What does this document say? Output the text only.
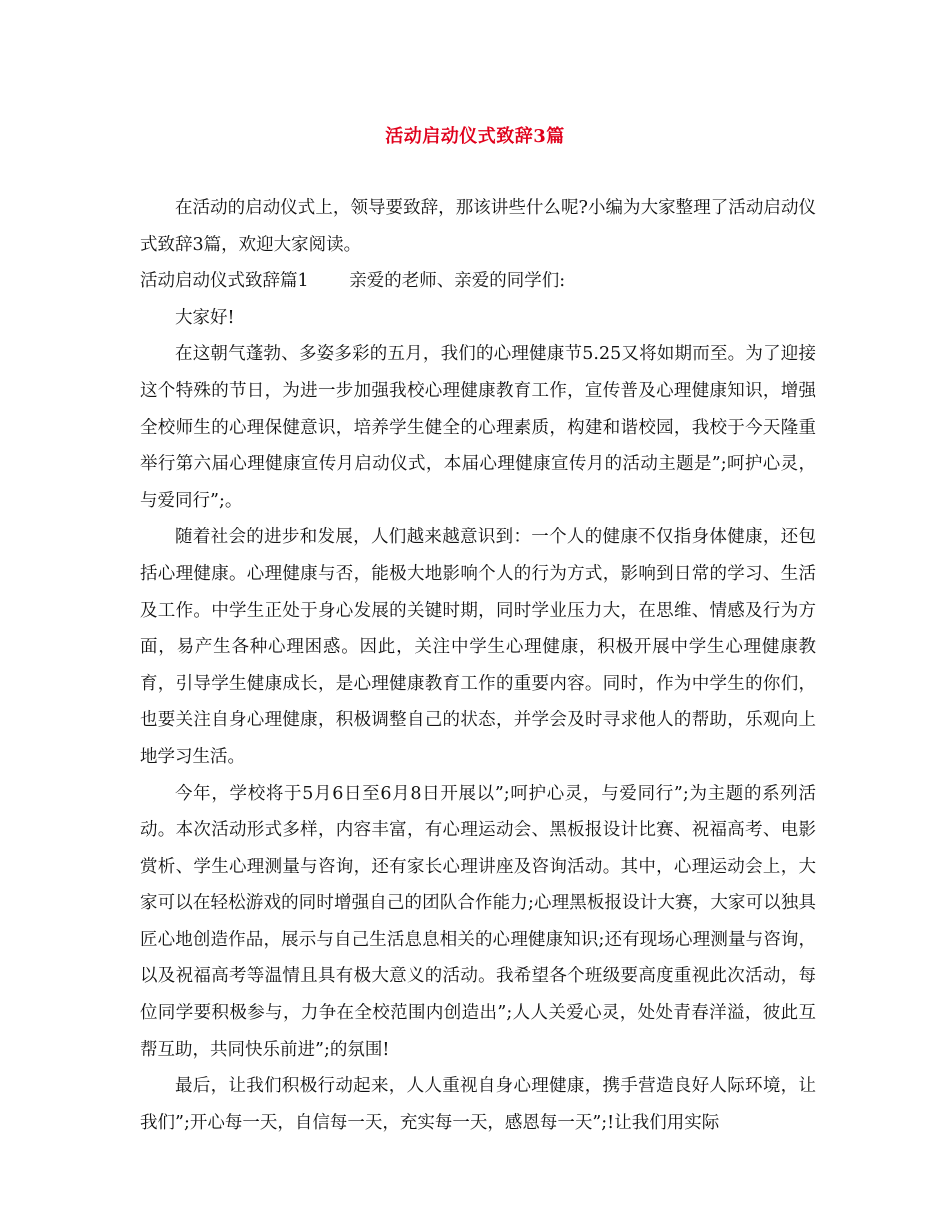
活动启动仪式致辞3篇

在活动的启动仪式上，领导要致辞，那该讲些什么呢?小编为大家整理了活动启动仪式致辞3篇，欢迎大家阅读。

活动启动仪式致辞篇1　　 亲爱的老师、亲爱的同学们:

大家好!

在这朝气蓬勃、多姿多彩的五月，我们的心理健康节5.25又将如期而至。为了迎接这个特殊的节日，为进一步加强我校心理健康教育工作，宣传普及心理健康知识，增强全校师生的心理保健意识，培养学生健全的心理素质，构建和谐校园，我校于今天隆重举行第六届心理健康宣传月启动仪式，本届心理健康宣传月的活动主题是”;呵护心灵，与爱同行”;。

随着社会的进步和发展，人们越来越意识到：一个人的健康不仅指身体健康，还包括心理健康。心理健康与否，能极大地影响个人的行为方式，影响到日常的学习、生活及工作。中学生正处于身心发展的关键时期，同时学业压力大，在思维、情感及行为方面，易产生各种心理困惑。因此，关注中学生心理健康，积极开展中学生心理健康教育，引导学生健康成长，是心理健康教育工作的重要内容。同时，作为中学生的你们，也要关注自身心理健康，积极调整自己的状态，并学会及时寻求他人的帮助，乐观向上地学习生活。

今年，学校将于5月6日至6月8日开展以”;呵护心灵，与爱同行”;为主题的系列活动。本次活动形式多样，内容丰富，有心理运动会、黑板报设计比赛、祝福高考、电影赏析、学生心理测量与咨询，还有家长心理讲座及咨询活动。其中，心理运动会上，大家可以在轻松游戏的同时增强自己的团队合作能力;心理黑板报设计大赛，大家可以独具匠心地创造作品，展示与自己生活息息相关的心理健康知识;还有现场心理测量与咨询，以及祝福高考等温情且具有极大意义的活动。我希望各个班级要高度重视此次活动，每位同学要积极参与，力争在全校范围内创造出”;人人关爱心灵，处处青春洋溢，彼此互帮互助，共同快乐前进”;的氛围!

最后，让我们积极行动起来，人人重视自身心理健康，携手营造良好人际环境，让我们”;开心每一天，自信每一天，充实每一天，感恩每一天”;!让我们用实际
